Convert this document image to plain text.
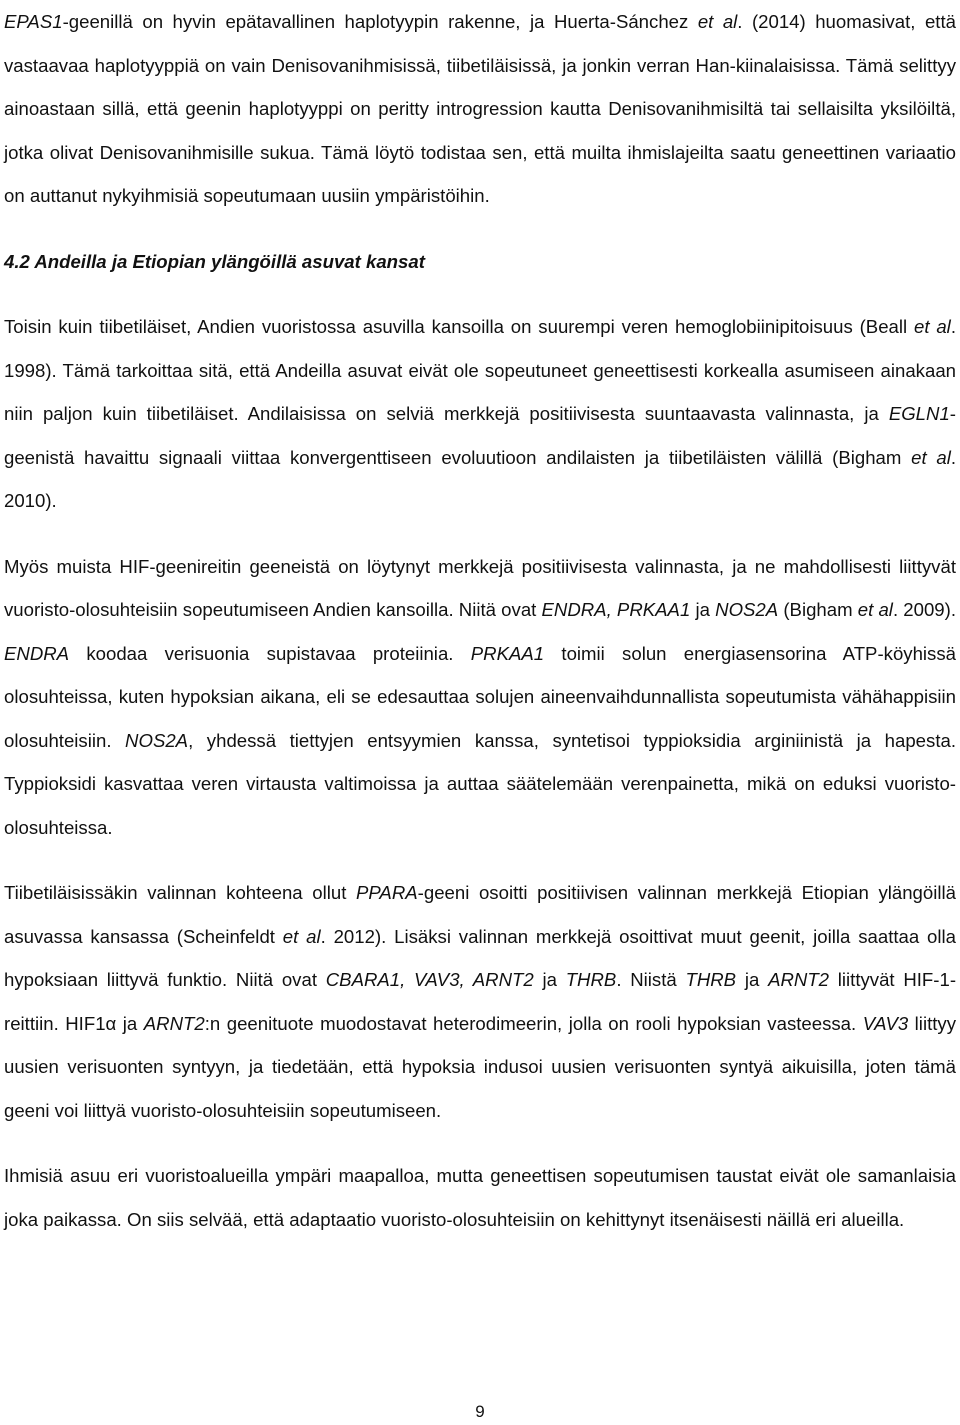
EPAS1-geenillä on hyvin epätavallinen haplotyypin rakenne, ja Huerta-Sánchez et al. (2014) huomasivat, että vastaavaa haplotyyppiä on vain Denisovanihmisissä, tiibetiläisissä, ja jonkin verran Han-kiinalaisissa. Tämä selittyy ainoastaan sillä, että geenin haplotyyppi on peritty introgression kautta Denisovanihmisiltä tai sellaisilta yksilöiltä, jotka olivat Denisovanihmisille sukua. Tämä löytö todistaa sen, että muilta ihmislajeilta saatu geneettinen variaatio on auttanut nykyihmisiä sopeutumaan uusiin ympäristöihin.

4.2 Andeilla ja Etiopian ylängöillä asuvat kansat

Toisin kuin tiibetiläiset, Andien vuoristossa asuvilla kansoilla on suurempi veren hemoglobiinipitoisuus (Beall et al. 1998). Tämä tarkoittaa sitä, että Andeilla asuvat eivät ole sopeutuneet geneettisesti korkealla asumiseen ainakaan niin paljon kuin tiibetiläiset. Andilaisissa on selviä merkkejä positiivisesta suuntaavasta valinnasta, ja EGLN1-geenistä havaittu signaali viittaa konvergenttiseen evoluutioon andilaisten ja tiibetiläisten välillä (Bigham et al. 2010).

Myös muista HIF-geenireitin geeneistä on löytynyt merkkejä positiivisesta valinnasta, ja ne mahdollisesti liittyvät vuoristo-olosuhteisiin sopeutumiseen Andien kansoilla. Niitä ovat ENDRA, PRKAA1 ja NOS2A (Bigham et al. 2009). ENDRA koodaa verisuonia supistavaa proteiinia. PRKAA1 toimii solun energiasensorina ATP-köyhissä olosuhteissa, kuten hypoksian aikana, eli se edesauttaa solujen aineenvaihdunnallista sopeutumista vähähappisiin olosuhteisiin. NOS2A, yhdessä tiettyjen entsyymien kanssa, syntetisoi typpioksidia arginiinistä ja hapesta. Typpioksidi kasvattaa veren virtausta valtimoissa ja auttaa säätelemään verenpainetta, mikä on eduksi vuoristo-olosuhteissa.

Tiibetiläisissäkin valinnan kohteena ollut PPARA-geeni osoitti positiivisen valinnan merkkejä Etiopian ylängöillä asuvassa kansassa (Scheinfeldt et al. 2012). Lisäksi valinnan merkkejä osoittivat muut geenit, joilla saattaa olla hypoksiaan liittyvä funktio. Niitä ovat CBARA1, VAV3, ARNT2 ja THRB. Niistä THRB ja ARNT2 liittyvät HIF-1-reittiin. HIF1α ja ARNT2:n geenituote muodostavat heterodimeerin, jolla on rooli hypoksian vasteessa. VAV3 liittyy uusien verisuonten syntyyn, ja tiedetään, että hypoksia indusoi uusien verisuonten syntyä aikuisilla, joten tämä geeni voi liittyä vuoristo-olosuhteisiin sopeutumiseen.

Ihmisiä asuu eri vuoristoalueilla ympäri maapalloa, mutta geneettisen sopeutumisen taustat eivät ole samanlaisia joka paikassa. On siis selvää, että adaptaatio vuoristo-olosuhteisiin on kehittynyt itsenäisesti näillä eri alueilla.

9
